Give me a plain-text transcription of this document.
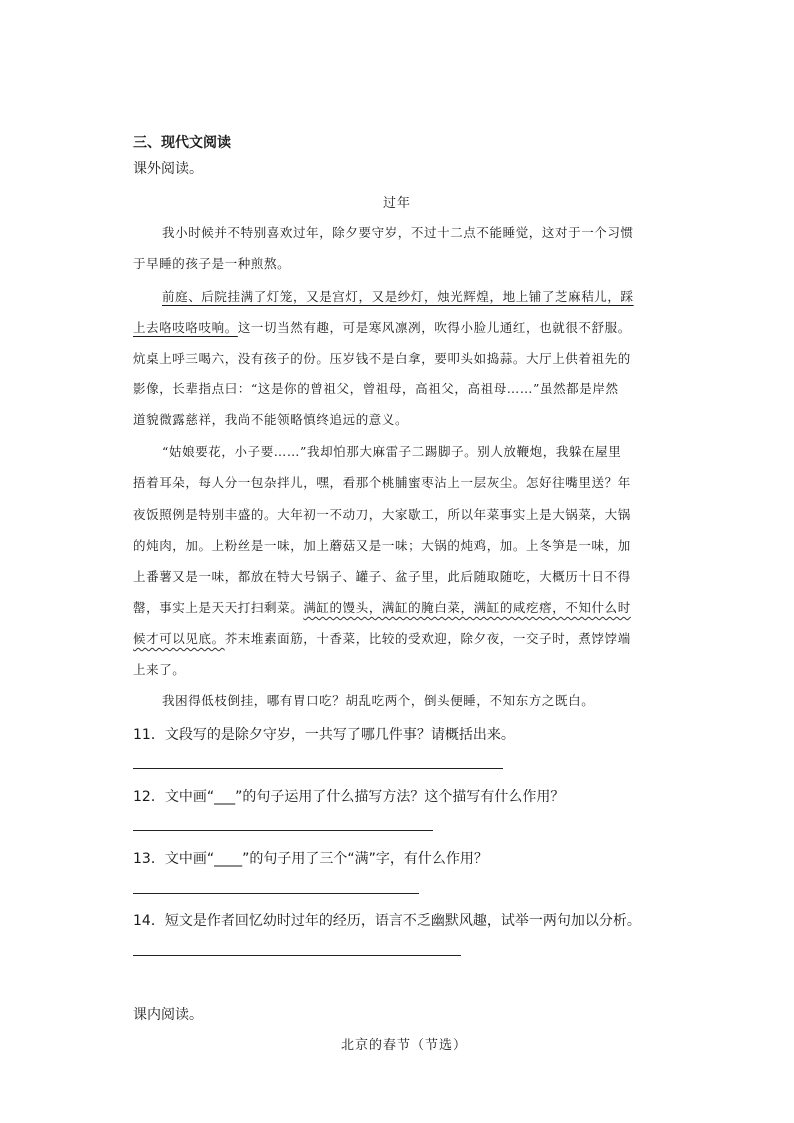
三、现代文阅读
课外阅读。
过年
我小时候并不特别喜欢过年，除夕要守岁，不过十二点不能睡觉，这对于一个习惯
于早睡的孩子是一种煎熬。
前庭、后院挂满了灯笼，又是宫灯，又是纱灯，烛光辉煌，地上铺了芝麻秸儿，踩
上去咯吱咯吱响。这一切当然有趣，可是寒风凛冽，吹得小脸儿通红，也就很不舒服。
炕桌上呼三喝六，没有孩子的份。压岁钱不是白拿，要叩头如捣蒜。大厅上供着祖先的
影像，长辈指点曰：“这是你的曾祖父，曾祖母，高祖父，高祖母……”虽然都是岸然
道貌微露慈祥，我尚不能领略慎终追远的意义。
“姑娘要花，小子要……”我却怕那大麻雷子二踢脚子。别人放鞭炮，我躲在屋里
捂着耳朵，每人分一包杂拌儿，嘿，看那个桃脯蜜枣沾上一层灰尘。怎好往嘴里送？年
夜饭照例是特别丰盛的。大年初一不动刀，大家歇工，所以年菜事实上是大锅菜，大锅
的炖肉，加。上粉丝是一味，加上蘑菇又是一味；大锅的炖鸡，加。上冬笋是一味，加
上番薯又是一味，都放在特大号锅子、罐子、盆子里，此后随取随吃，大概历十日不得
罄，事实上是天天打扫剩菜。满缸的馒头，满缸的腌白菜，满缸的咸疙瘩，不知什么时
候才可以见底。芥末堆素面筋，十香菜，比较的受欢迎，除夕夜，一交子时，煮饽饽端
上来了。
我困得低枝倒挂，哪有胃口吃？胡乱吃两个，倒头便睡，不知东方之既白。
11．文段写的是除夕守岁，一共写了哪几件事？请概括出来。
12．文中画“___”的句子运用了什么描写方法？这个描写有什么作用？
13．文中画“____”的句子用了三个“满”字，有什么作用？
14．短文是作者回忆幼时过年的经历，语言不乏幽默风趣，试举一两句加以分析。
课内阅读。
北京的春节（节选）
